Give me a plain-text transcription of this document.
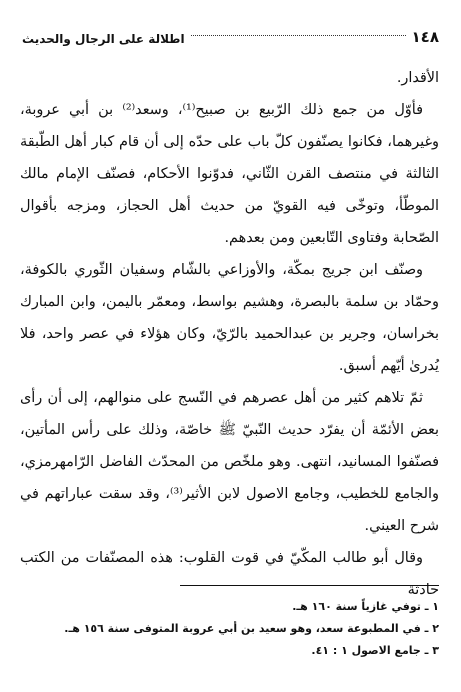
١٤٨
اطلالة على الرجال والحديث

الأقدار.

فأوّل من جمع ذلك الرّبيع بن صبيح⁽¹⁾، وسعد⁽²⁾ بن أبي عروبة، وغيرهما، فكانوا يصنّفون كلّ باب على حدّه إلى أن قام كبار أهل الطّبقة الثالثة في منتصف القرن الثّاني، فدوّنوا الأحكام، فصنّف الإمام مالك الموطّأ، وتوخّى فيه القويّ من حديث أهل الحجاز، ومزجه بأقوال الصّحابة وفتاوى التّابعين ومن بعدهم.

وصنّف ابن جريج بمكّة، والأوزاعي بالشّام وسفيان الثّوري بالكوفة، وحمّاد بن سلمة بالبصرة، وهشيم بواسط، ومعمّر باليمن، وابن المبارك بخراسان، وجرير بن عبدالحميد بالرّيّ، وكان هؤلاء في عصر واحد، فلا يُدرىٰ أيّهم أسبق.

ثمّ تلاهم كثير من أهل عصرهم في النّسج على منوالهم، إلى أن رأى بعض الأئمّة أن يفرّد حديث النّبيّ ﷺ خاصّة، وذلك على رأس المأتين، فصنّفوا المسانيد، انتهى. وهو ملخّص من المحدّث الفاضل الرّامهرمزي، والجامع للخطيب، وجامع الاصول لابن الأثير⁽³⁾، وقد سقت عباراتهم في شرح العيني.

وقال أبو طالب المكّيّ في قوت القلوب: هذه المصنّفات من الكتب حادثة

١ ـ توفي غازياً سنة ١٦٠ هـ.
٢ ـ في المطبوعة سعد، وهو سعيد بن أبي عروبة المتوفى سنة ١٥٦ هـ.
٣ ـ جامع الاصول ١ : ٤١.
